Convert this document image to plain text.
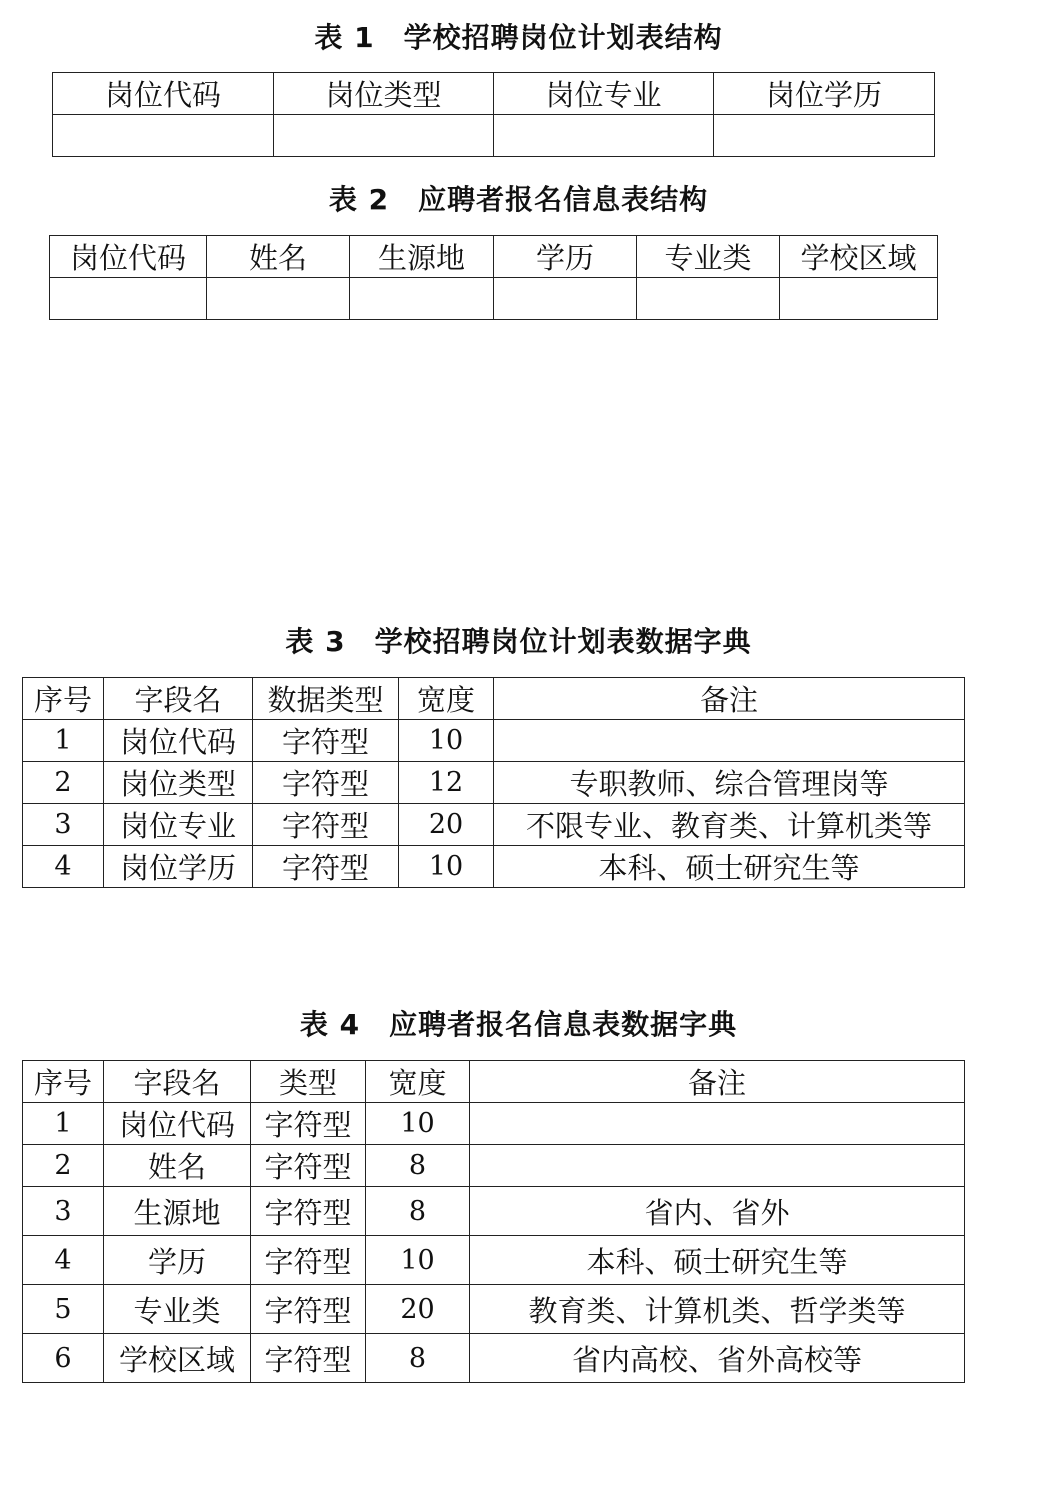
表 1　学校招聘岗位计划表结构
岗位代码	岗位类型	岗位专业	岗位学历

表 2　应聘者报名信息表结构
岗位代码	姓名	生源地	学历	专业类	学校区域

表 3　学校招聘岗位计划表数据字典
序号	字段名	数据类型	宽度	备注
1	岗位代码	字符型	10	
2	岗位类型	字符型	12	专职教师、综合管理岗等
3	岗位专业	字符型	20	不限专业、教育类、计算机类等
4	岗位学历	字符型	10	本科、硕士研究生等
表 4　应聘者报名信息表数据字典
序号	字段名	类型	宽度	备注
1	岗位代码	字符型	10	
2	姓名	字符型	8	
3	生源地	字符型	8	省内、省外
4	学历	字符型	10	本科、硕士研究生等
5	专业类	字符型	20	教育类、计算机类、哲学类等
6	学校区域	字符型	8	省内高校、省外高校等
